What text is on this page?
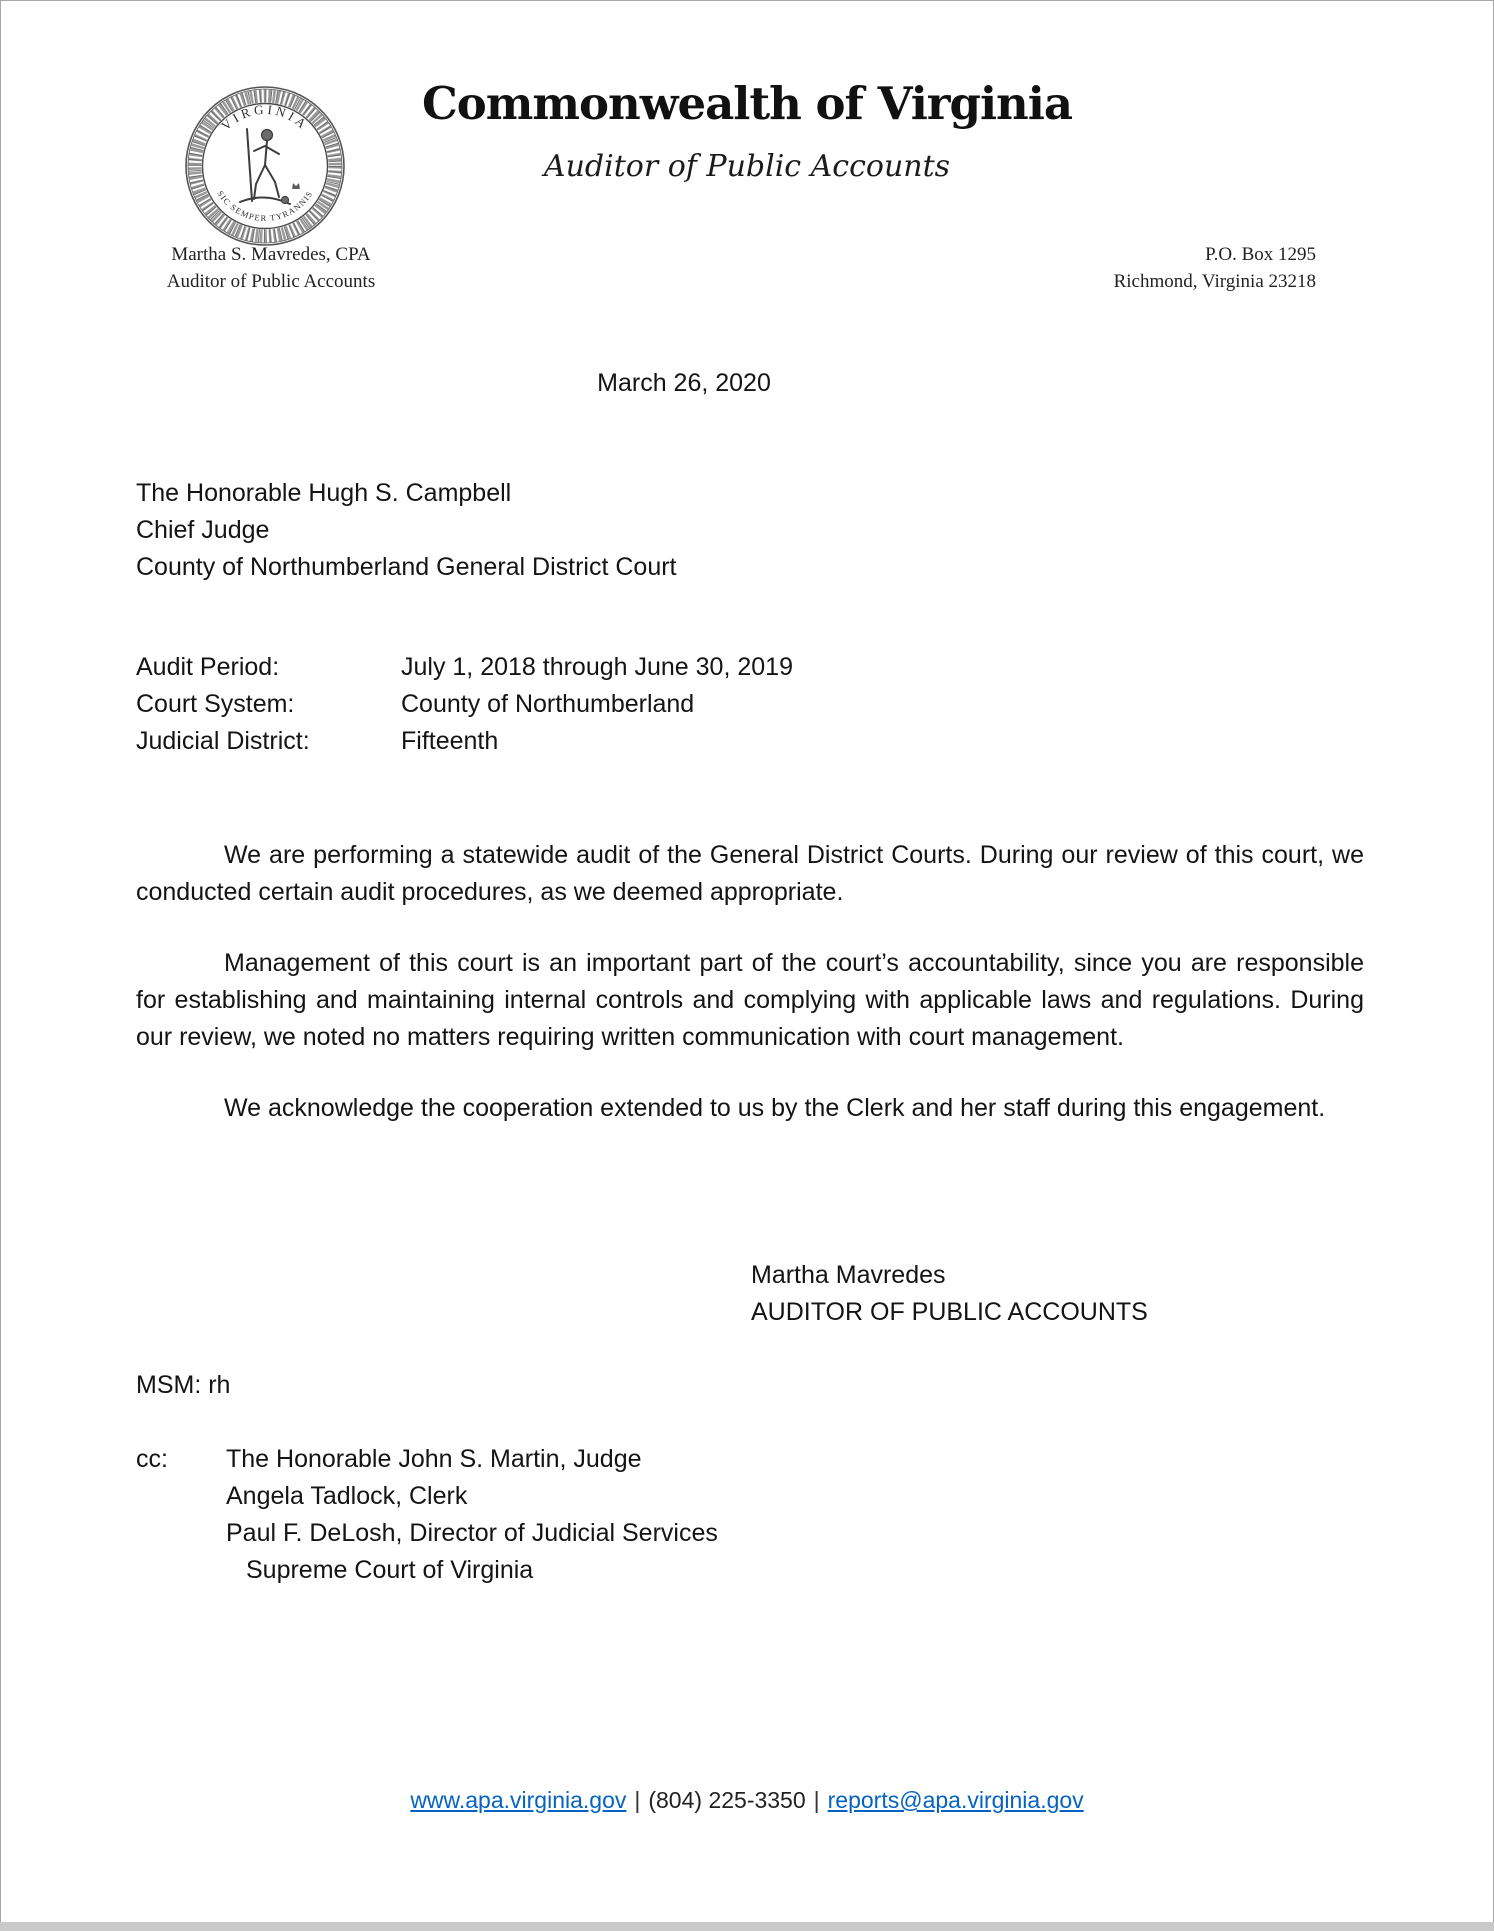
VIRGINIA
SIC SEMPER TYRANNIS
Commonwealth of Virginia
Auditor of Public Accounts
Martha S. Mavredes, CPA
Auditor of Public Accounts
P.O. Box 1295
Richmond, Virginia 23218
March 26, 2020
The Honorable Hugh S. Campbell
Chief Judge
County of Northumberland General District Court
Audit Period:	July 1, 2018 through June 30, 2019
Court System:	County of Northumberland
Judicial District:	Fifteenth

We are performing a statewide audit of the General District Courts. During our review of this court, we conducted certain audit procedures, as we deemed appropriate.

Management of this court is an important part of the court’s accountability, since you are responsible for establishing and maintaining internal controls and complying with applicable laws and regulations. During our review, we noted no matters requiring written communication with court management.

We acknowledge the cooperation extended to us by the Clerk and her staff during this engagement.

Martha Mavredes
AUDITOR OF PUBLIC ACCOUNTS
MSM: rh
cc:	The Honorable John S. Martin, Judge
Angela Tadlock, Clerk
Paul F. DeLosh, Director of Judicial Services
Supreme Court of Virginia
www.apa.virginia.gov | (804) 225-3350 | reports@apa.virginia.gov
